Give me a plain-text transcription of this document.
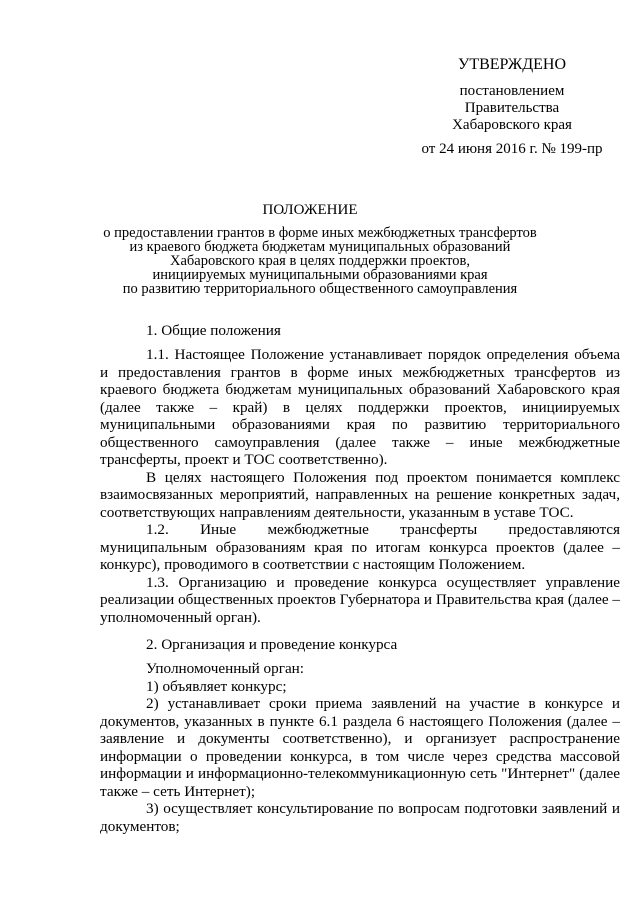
УТВЕРЖДЕНО
постановлением
Правительства
Хабаровского края
от 24 июня 2016 г. № 199-пр
ПОЛОЖЕНИЕ
о предоставлении грантов в форме иных межбюджетных трансфертов
из краевого бюджета бюджетам муниципальных образований
Хабаровского края в целях поддержки проектов,
инициируемых муниципальными образованиями края
по развитию территориального общественного самоуправления
1. Общие положения

1.1. Настоящее Положение устанавливает порядок определения объема и предоставления грантов в форме иных межбюджетных трансфертов из краевого бюджета бюджетам муниципальных образований Хабаровского края (далее также – край) в целях поддержки проектов, инициируемых муниципальными образованиями края по развитию территориального общественного самоуправления (далее также – иные межбюджетные трансферты, проект и ТОС соответственно).

В целях настоящего Положения под проектом понимается комплекс взаимосвязанных мероприятий, направленных на решение конкретных задач, соответствующих направлениям деятельности, указанным в уставе ТОС.

1.2. Иные межбюджетные трансферты предоставляются муниципальным образованиям края по итогам конкурса проектов (далее – конкурс), проводимого в соответствии с настоящим Положением.

1.3. Организацию и проведение конкурса осуществляет управление реализации общественных проектов Губернатора и Правительства края (далее – уполномоченный орган).

2. Организация и проведение конкурса

Уполномоченный орган:

1) объявляет конкурс;

2) устанавливает сроки приема заявлений на участие в конкурсе и документов, указанных в пункте 6.1 раздела 6 настоящего Положения (далее – заявление и документы соответственно), и организует распространение информации о проведении конкурса, в том числе через средства массовой информации и информационно-телекоммуникационную сеть "Интернет" (далее также – сеть Интернет);

3) осуществляет консультирование по вопросам подготовки заявлений и документов;
